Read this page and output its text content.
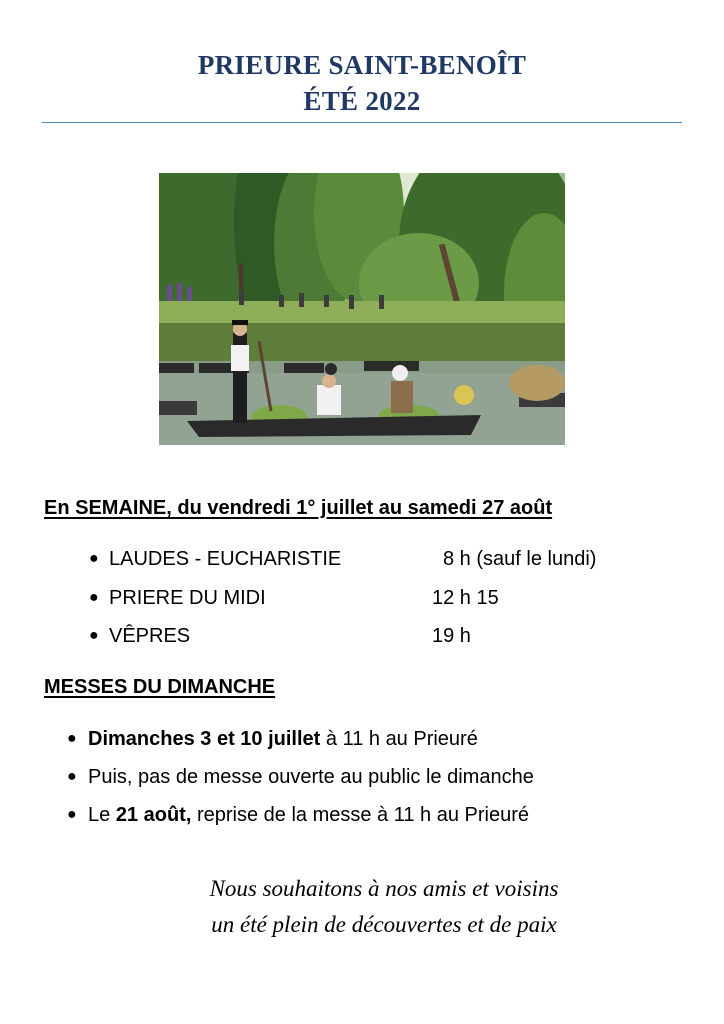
PRIEURE SAINT-BENOÎT
ÉTÉ 2022
En SEMAINE, du vendredi 1° juillet au samedi 27 août
● LAUDES - EUCHARISTIE	8 h (sauf le lundi)
● PRIERE DU MIDI	12 h 15
● VÊPRES	19 h
MESSES DU DIMANCHE
● Dimanches 3 et 10 juillet à 11 h au Prieuré
● Puis, pas de messe ouverte au public le dimanche
● Le 21 août, reprise de la messe à 11 h au Prieuré
Nous souhaitons à nos amis et voisins
un été plein de découvertes et de paix
